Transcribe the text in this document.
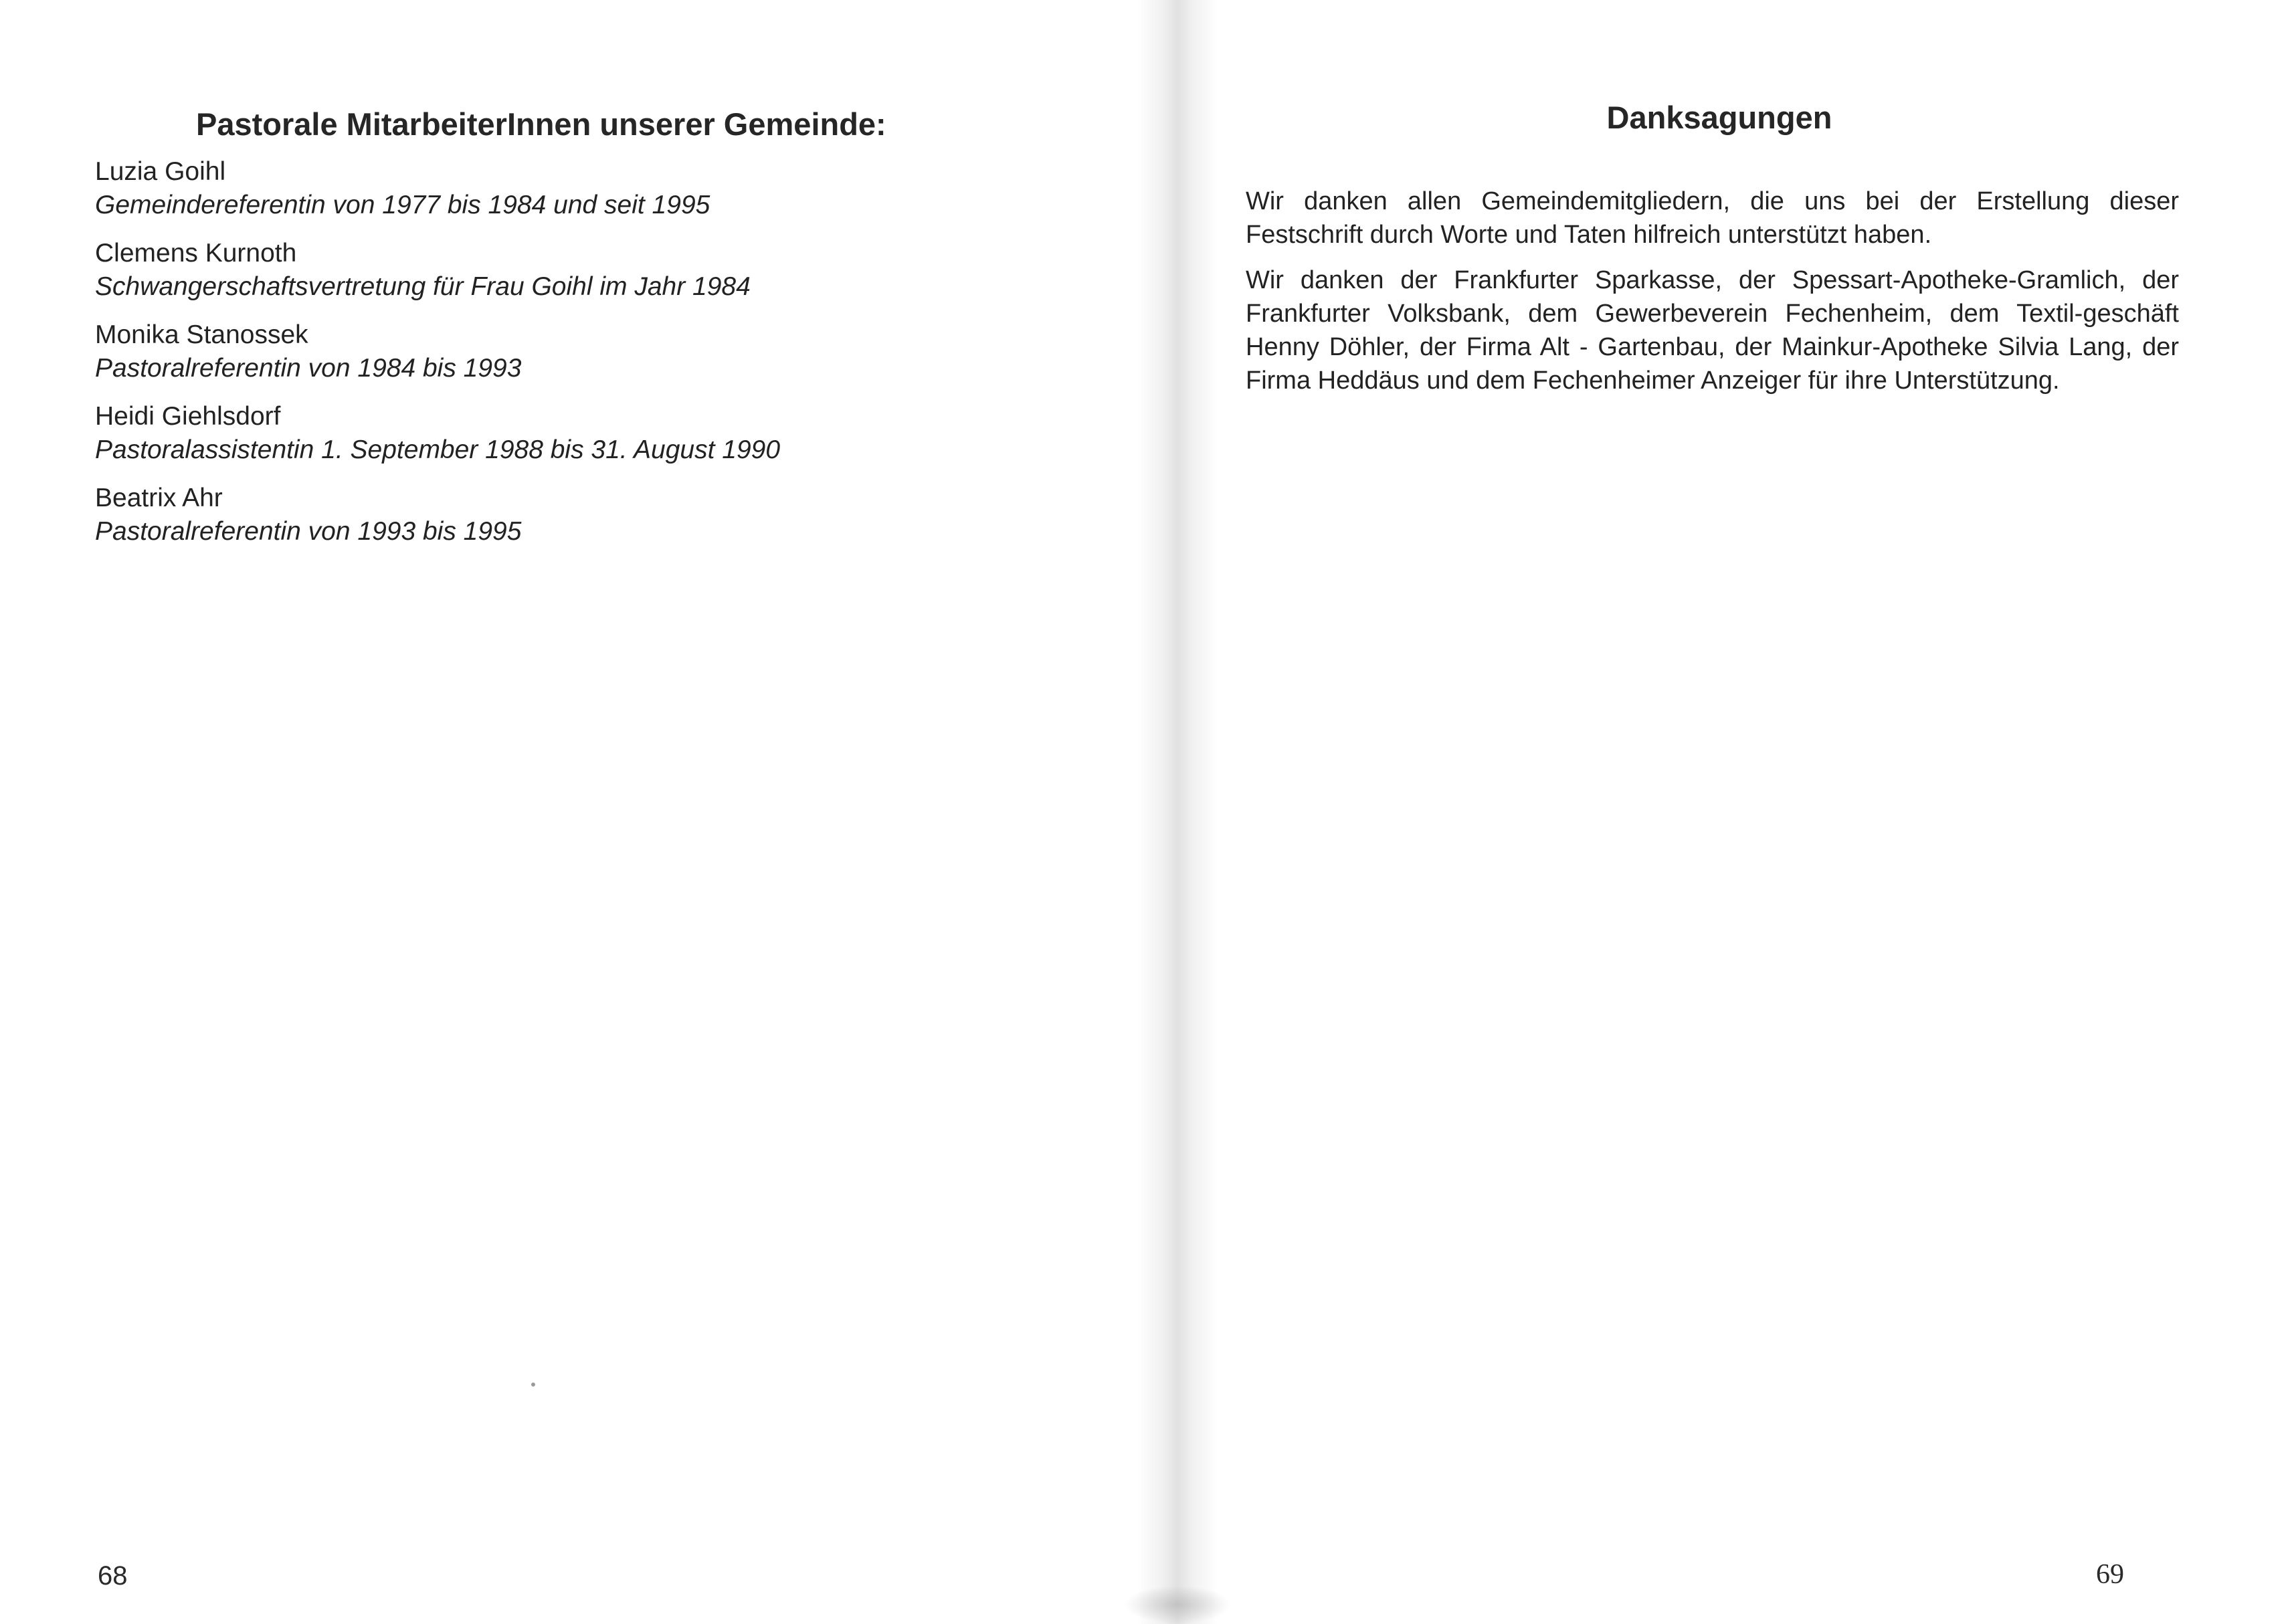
Pastorale MitarbeiterInnen unserer Gemeinde:
Luzia Goihl
Gemeindereferentin von 1977 bis 1984 und seit 1995
Clemens Kurnoth
Schwangerschaftsvertretung für Frau Goihl im Jahr 1984
Monika Stanossek
Pastoralreferentin von 1984 bis 1993
Heidi Giehlsdorf
Pastoralassistentin 1. September 1988 bis 31. August 1990
Beatrix Ahr
Pastoralreferentin von 1993 bis 1995
68
Danksagungen

Wir danken allen Gemeindemitgliedern, die uns bei der Erstellung dieser Festschrift durch Worte und Taten hilfreich unterstützt haben.

Wir danken der Frankfurter Sparkasse, der Spessart-Apotheke-Gramlich, der Frankfurter Volksbank, dem Gewerbeverein Fechenheim, dem Textil-geschäft Henny Döhler, der Firma Alt - Gartenbau, der Mainkur-Apotheke Silvia Lang, der Firma Heddäus und dem Fechenheimer Anzeiger für ihre Unterstützung.

69
